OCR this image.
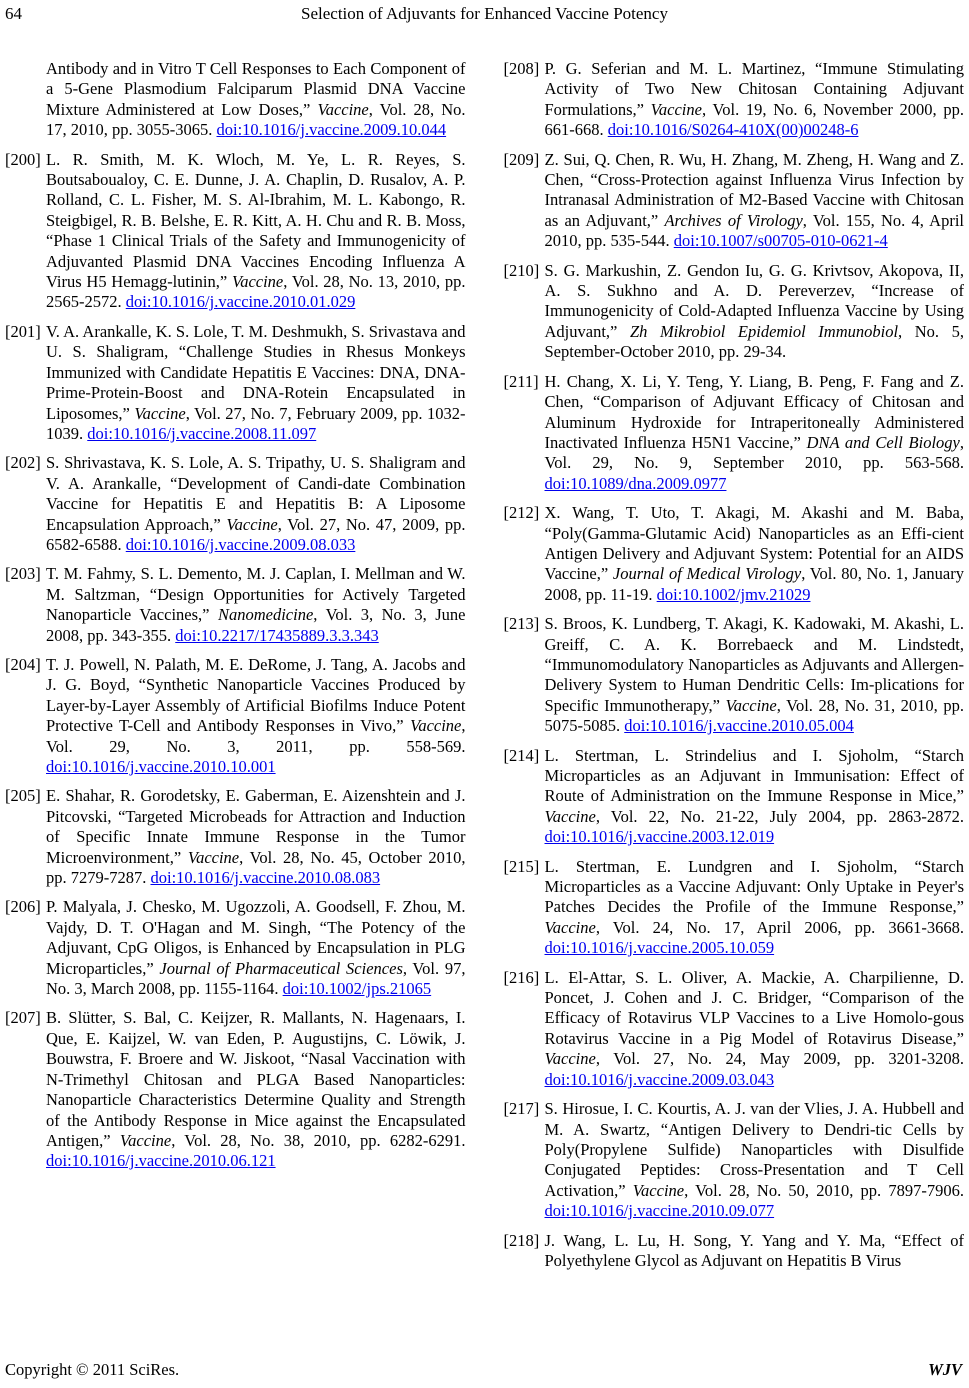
64	Selection of Adjuvants for Enhanced Vaccine Potency
Antibody and in Vitro T Cell Responses to Each Component of a 5-Gene Plasmodium Falciparum Plasmid DNA Vaccine Mixture Administered at Low Doses,” Vaccine, Vol. 28, No. 17, 2010, pp. 3055-3065. doi:10.1016/j.vaccine.2009.10.044
[200] L. R. Smith, M. K. Wloch, M. Ye, L. R. Reyes, S. Boutsaboualoy, C. E. Dunne, J. A. Chaplin, D. Rusalov, A. P. Rolland, C. L. Fisher, M. S. Al-Ibrahim, M. L. Kabongo, R. Steigbigel, R. B. Belshe, E. R. Kitt, A. H. Chu and R. B. Moss, “Phase 1 Clinical Trials of the Safety and Immunogenicity of Adjuvanted Plasmid DNA Vaccines Encoding Influenza A Virus H5 Hemagg-lutinin,” Vaccine, Vol. 28, No. 13, 2010, pp. 2565-2572. doi:10.1016/j.vaccine.2010.01.029
[201] V. A. Arankalle, K. S. Lole, T. M. Deshmukh, S. Srivastava and U. S. Shaligram, “Challenge Studies in Rhesus Monkeys Immunized with Candidate Hepatitis E Vaccines: DNA, DNA-Prime-Protein-Boost and DNA-Rotein Encapsulated in Liposomes,” Vaccine, Vol. 27, No. 7, February 2009, pp. 1032-1039. doi:10.1016/j.vaccine.2008.11.097
[202] S. Shrivastava, K. S. Lole, A. S. Tripathy, U. S. Shaligram and V. A. Arankalle, “Development of Candi-date Combination Vaccine for Hepatitis E and Hepatitis B: A Liposome Encapsulation Approach,” Vaccine, Vol. 27, No. 47, 2009, pp. 6582-6588. doi:10.1016/j.vaccine.2009.08.033
[203] T. M. Fahmy, S. L. Demento, M. J. Caplan, I. Mellman and W. M. Saltzman, “Design Opportunities for Actively Targeted Nanoparticle Vaccines,” Nanomedicine, Vol. 3, No. 3, June 2008, pp. 343-355. doi:10.2217/17435889.3.3.343
[204] T. J. Powell, N. Palath, M. E. DeRome, J. Tang, A. Jacobs and J. G. Boyd, “Synthetic Nanoparticle Vaccines Produced by Layer-by-Layer Assembly of Artificial Biofilms Induce Potent Protective T-Cell and Antibody Responses in Vivo,” Vaccine, Vol. 29, No. 3, 2011, pp. 558-569. doi:10.1016/j.vaccine.2010.10.001
[205] E. Shahar, R. Gorodetsky, E. Gaberman, E. Aizenshtein and J. Pitcovski, “Targeted Microbeads for Attraction and Induction of Specific Innate Immune Response in the Tumor Microenvironment,” Vaccine, Vol. 28, No. 45, October 2010, pp. 7279-7287. doi:10.1016/j.vaccine.2010.08.083
[206] P. Malyala, J. Chesko, M. Ugozzoli, A. Goodsell, F. Zhou, M. Vajdy, D. T. O'Hagan and M. Singh, “The Potency of the Adjuvant, CpG Oligos, is Enhanced by Encapsulation in PLG Microparticles,” Journal of Pharmaceutical Sciences, Vol. 97, No. 3, March 2008, pp. 1155-1164. doi:10.1002/jps.21065
[207] B. Slütter, S. Bal, C. Keijzer, R. Mallants, N. Hagenaars, I. Que, E. Kaijzel, W. van Eden, P. Augustijns, C. Löwik, J. Bouwstra, F. Broere and W. Jiskoot, “Nasal Vaccination with N-Trimethyl Chitosan and PLGA Based Nanoparticles: Nanoparticle Characteristics Determine Quality and Strength of the Antibody Response in Mice against the Encapsulated Antigen,” Vaccine, Vol. 28, No. 38, 2010, pp. 6282-6291. doi:10.1016/j.vaccine.2010.06.121
[208] P. G. Seferian and M. L. Martinez, “Immune Stimulating Activity of Two New Chitosan Containing Adjuvant Formulations,” Vaccine, Vol. 19, No. 6, November 2000, pp. 661-668. doi:10.1016/S0264-410X(00)00248-6
[209] Z. Sui, Q. Chen, R. Wu, H. Zhang, M. Zheng, H. Wang and Z. Chen, “Cross-Protection against Influenza Virus Infection by Intranasal Administration of M2-Based Vaccine with Chitosan as an Adjuvant,” Archives of Virology, Vol. 155, No. 4, April 2010, pp. 535-544. doi:10.1007/s00705-010-0621-4
[210] S. G. Markushin, Z. Gendon Iu, G. G. Krivtsov, Akopova, II, A. S. Sukhno and A. D. Pereverzev, “Increase of Immunogenicity of Cold-Adapted Influenza Vaccine by Using Adjuvant,” Zh Mikrobiol Epidemiol Immunobiol, No. 5, September-October 2010, pp. 29-34.
[211] H. Chang, X. Li, Y. Teng, Y. Liang, B. Peng, F. Fang and Z. Chen, “Comparison of Adjuvant Efficacy of Chitosan and Aluminum Hydroxide for Intraperitoneally Administered Inactivated Influenza H5N1 Vaccine,” DNA and Cell Biology, Vol. 29, No. 9, September 2010, pp. 563-568. doi:10.1089/dna.2009.0977
[212] X. Wang, T. Uto, T. Akagi, M. Akashi and M. Baba, “Poly(Gamma-Glutamic Acid) Nanoparticles as an Effi-cient Antigen Delivery and Adjuvant System: Potential for an AIDS Vaccine,” Journal of Medical Virology, Vol. 80, No. 1, January 2008, pp. 11-19. doi:10.1002/jmv.21029
[213] S. Broos, K. Lundberg, T. Akagi, K. Kadowaki, M. Akashi, L. Greiff, C. A. K. Borrebaeck and M. Lindstedt, “Immunomodulatory Nanoparticles as Adjuvants and Allergen-Delivery System to Human Dendritic Cells: Im-plications for Specific Immunotherapy,” Vaccine, Vol. 28, No. 31, 2010, pp. 5075-5085. doi:10.1016/j.vaccine.2010.05.004
[214] L. Stertman, L. Strindelius and I. Sjoholm, “Starch Microparticles as an Adjuvant in Immunisation: Effect of Route of Administration on the Immune Response in Mice,” Vaccine, Vol. 22, No. 21-22, July 2004, pp. 2863-2872. doi:10.1016/j.vaccine.2003.12.019
[215] L. Stertman, E. Lundgren and I. Sjoholm, “Starch Microparticles as a Vaccine Adjuvant: Only Uptake in Peyer's Patches Decides the Profile of the Immune Response,” Vaccine, Vol. 24, No. 17, April 2006, pp. 3661-3668. doi:10.1016/j.vaccine.2005.10.059
[216] L. El-Attar, S. L. Oliver, A. Mackie, A. Charpilienne, D. Poncet, J. Cohen and J. C. Bridger, “Comparison of the Efficacy of Rotavirus VLP Vaccines to a Live Homolo-gous Rotavirus Vaccine in a Pig Model of Rotavirus Disease,” Vaccine, Vol. 27, No. 24, May 2009, pp. 3201-3208. doi:10.1016/j.vaccine.2009.03.043
[217] S. Hirosue, I. C. Kourtis, A. J. van der Vlies, J. A. Hubbell and M. A. Swartz, “Antigen Delivery to Dendri-tic Cells by Poly(Propylene Sulfide) Nanoparticles with Disulfide Conjugated Peptides: Cross-Presentation and T Cell Activation,” Vaccine, Vol. 28, No. 50, 2010, pp. 7897-7906. doi:10.1016/j.vaccine.2010.09.077
[218] J. Wang, L. Lu, H. Song, Y. Yang and Y. Ma, “Effect of Polyethylene Glycol as Adjuvant on Hepatitis B Virus
Copyright © 2011 SciRes.	WJV
